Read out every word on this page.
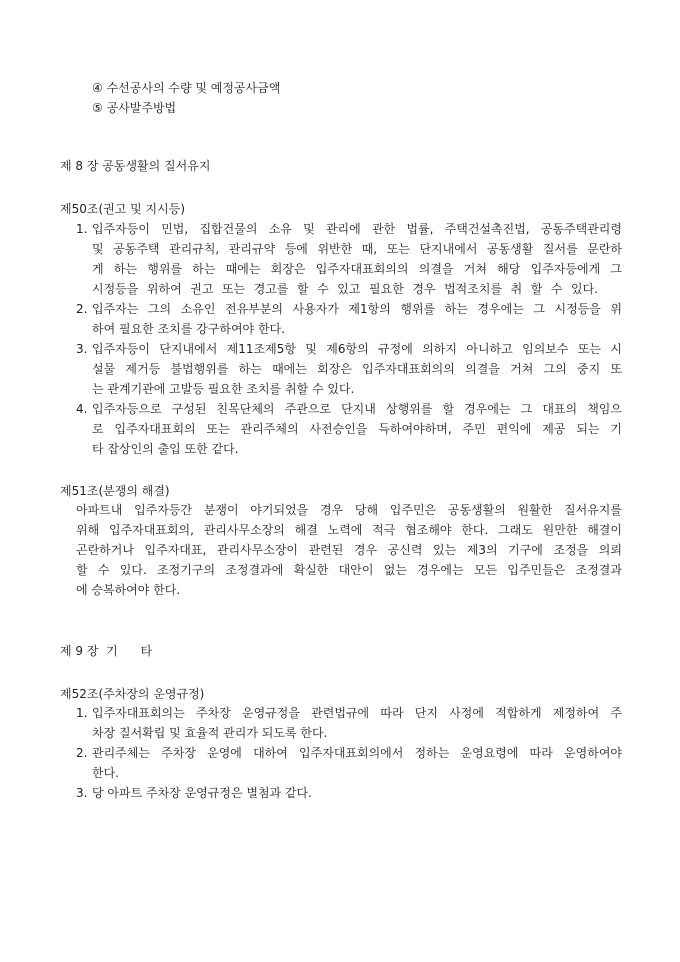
④ 수선공사의 수량 및 예정공사금액
⑤ 공사발주방법
제 8 장 공동생활의 질서유지
제50조(권고 및 지시등)
1. 입주자등이 민법, 집합건물의 소유 및 관리에 관한 법률, 주택건설촉진법, 공동주택관리령
및 공동주택 관리규칙, 관리규약 등에 위반한 때, 또는 단지내에서 공동생활 질서를 문란하
게 하는 행위를 하는 때에는 회장은 입주자대표회의의 의결을 거쳐 해당 입주자등에게 그
시정등을 위하여 권고 또는 경고를 할 수 있고 필요한 경우 법적조치를 취 할 수 있다.
2. 입주자는 그의 소유인 전유부분의 사용자가 제1항의 행위를 하는 경우에는 그 시정등을 위
하여 필요한 조치를 강구하여야 한다.
3. 입주자등이 단지내에서 제11조제5항 및 제6항의 규정에 의하지 아니하고 임의보수 또는 시
설물 제거등 불법행위를 하는 때에는 회장은 입주자대표회의의 의결을 거쳐 그의 중지 또
는 관계기관에 고발등 필요한 조치를 취할 수 있다.
4. 입주자등으로 구성된 친목단체의 주관으로 단지내 상행위를 할 경우에는 그 대표의 책임으
로 입주자대표회의 또는 관리주체의 사전승인을 득하여야하며, 주민 편익에 제공 되는 기
타 잡상인의 출입 또한 같다.
제51조(분쟁의 해결)
아파트내 입주자등간 분쟁이 야기되었을 경우 당해 입주민은 공동생활의 원활한 질서유지를
위해 입주자대표회의, 관리사무소장의 해결 노력에 적극 협조해야 한다. 그래도 원만한 해결이
곤란하거나 입주자대표, 관리사무소장이 관련된 경우 공신력 있는 제3의 기구에 조정을 의뢰
할 수 있다. 조정기구의 조정결과에 확실한 대안이 없는 경우에는 모든 입주민들은 조정결과
에 승복하여야 한다.
제 9 장  기      타
제52조(주차장의 운영규정)
1. 입주자대표회의는 주차장 운영규정을 관련법규에 따라 단지 사정에 적합하게 제정하여 주
차장 질서확립 및 효율적 관리가 되도록 한다.
2. 관리주체는 주차장 운영에 대하여 입주자대표회의에서 정하는 운영요령에 따라 운영하여야
한다.
3. 당 아파트 주차장 운영규정은 별첨과 같다.
